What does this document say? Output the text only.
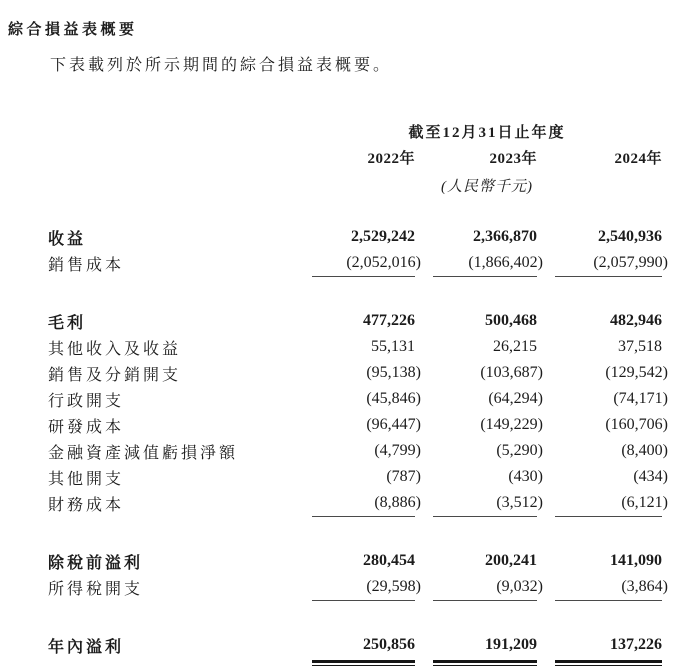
綜合損益表概要

下表載列於所示期間的綜合損益表概要。

	截至12月31日止年度				
	2022年		2023年		2024年
	(人民幣千元)				

收益	2,529,242		2,366,870		2,540,936
銷售成本	(2,052,016)		(1,866,402)		(2,057,990)

毛利	477,226		500,468		482,946
其他收入及收益	55,131		26,215		37,518
銷售及分銷開支	(95,138)		(103,687)		(129,542)
行政開支	(45,846)		(64,294)		(74,171)
研發成本	(96,447)		(149,229)		(160,706)
金融資產減值虧損淨額	(4,799)		(5,290)		(8,400)
其他開支	(787)		(430)		(434)
財務成本	(8,886)		(3,512)		(6,121)

除稅前溢利	280,454		200,241		141,090
所得稅開支	(29,598)		(9,032)		(3,864)

年內溢利	250,856		191,209		137,226
